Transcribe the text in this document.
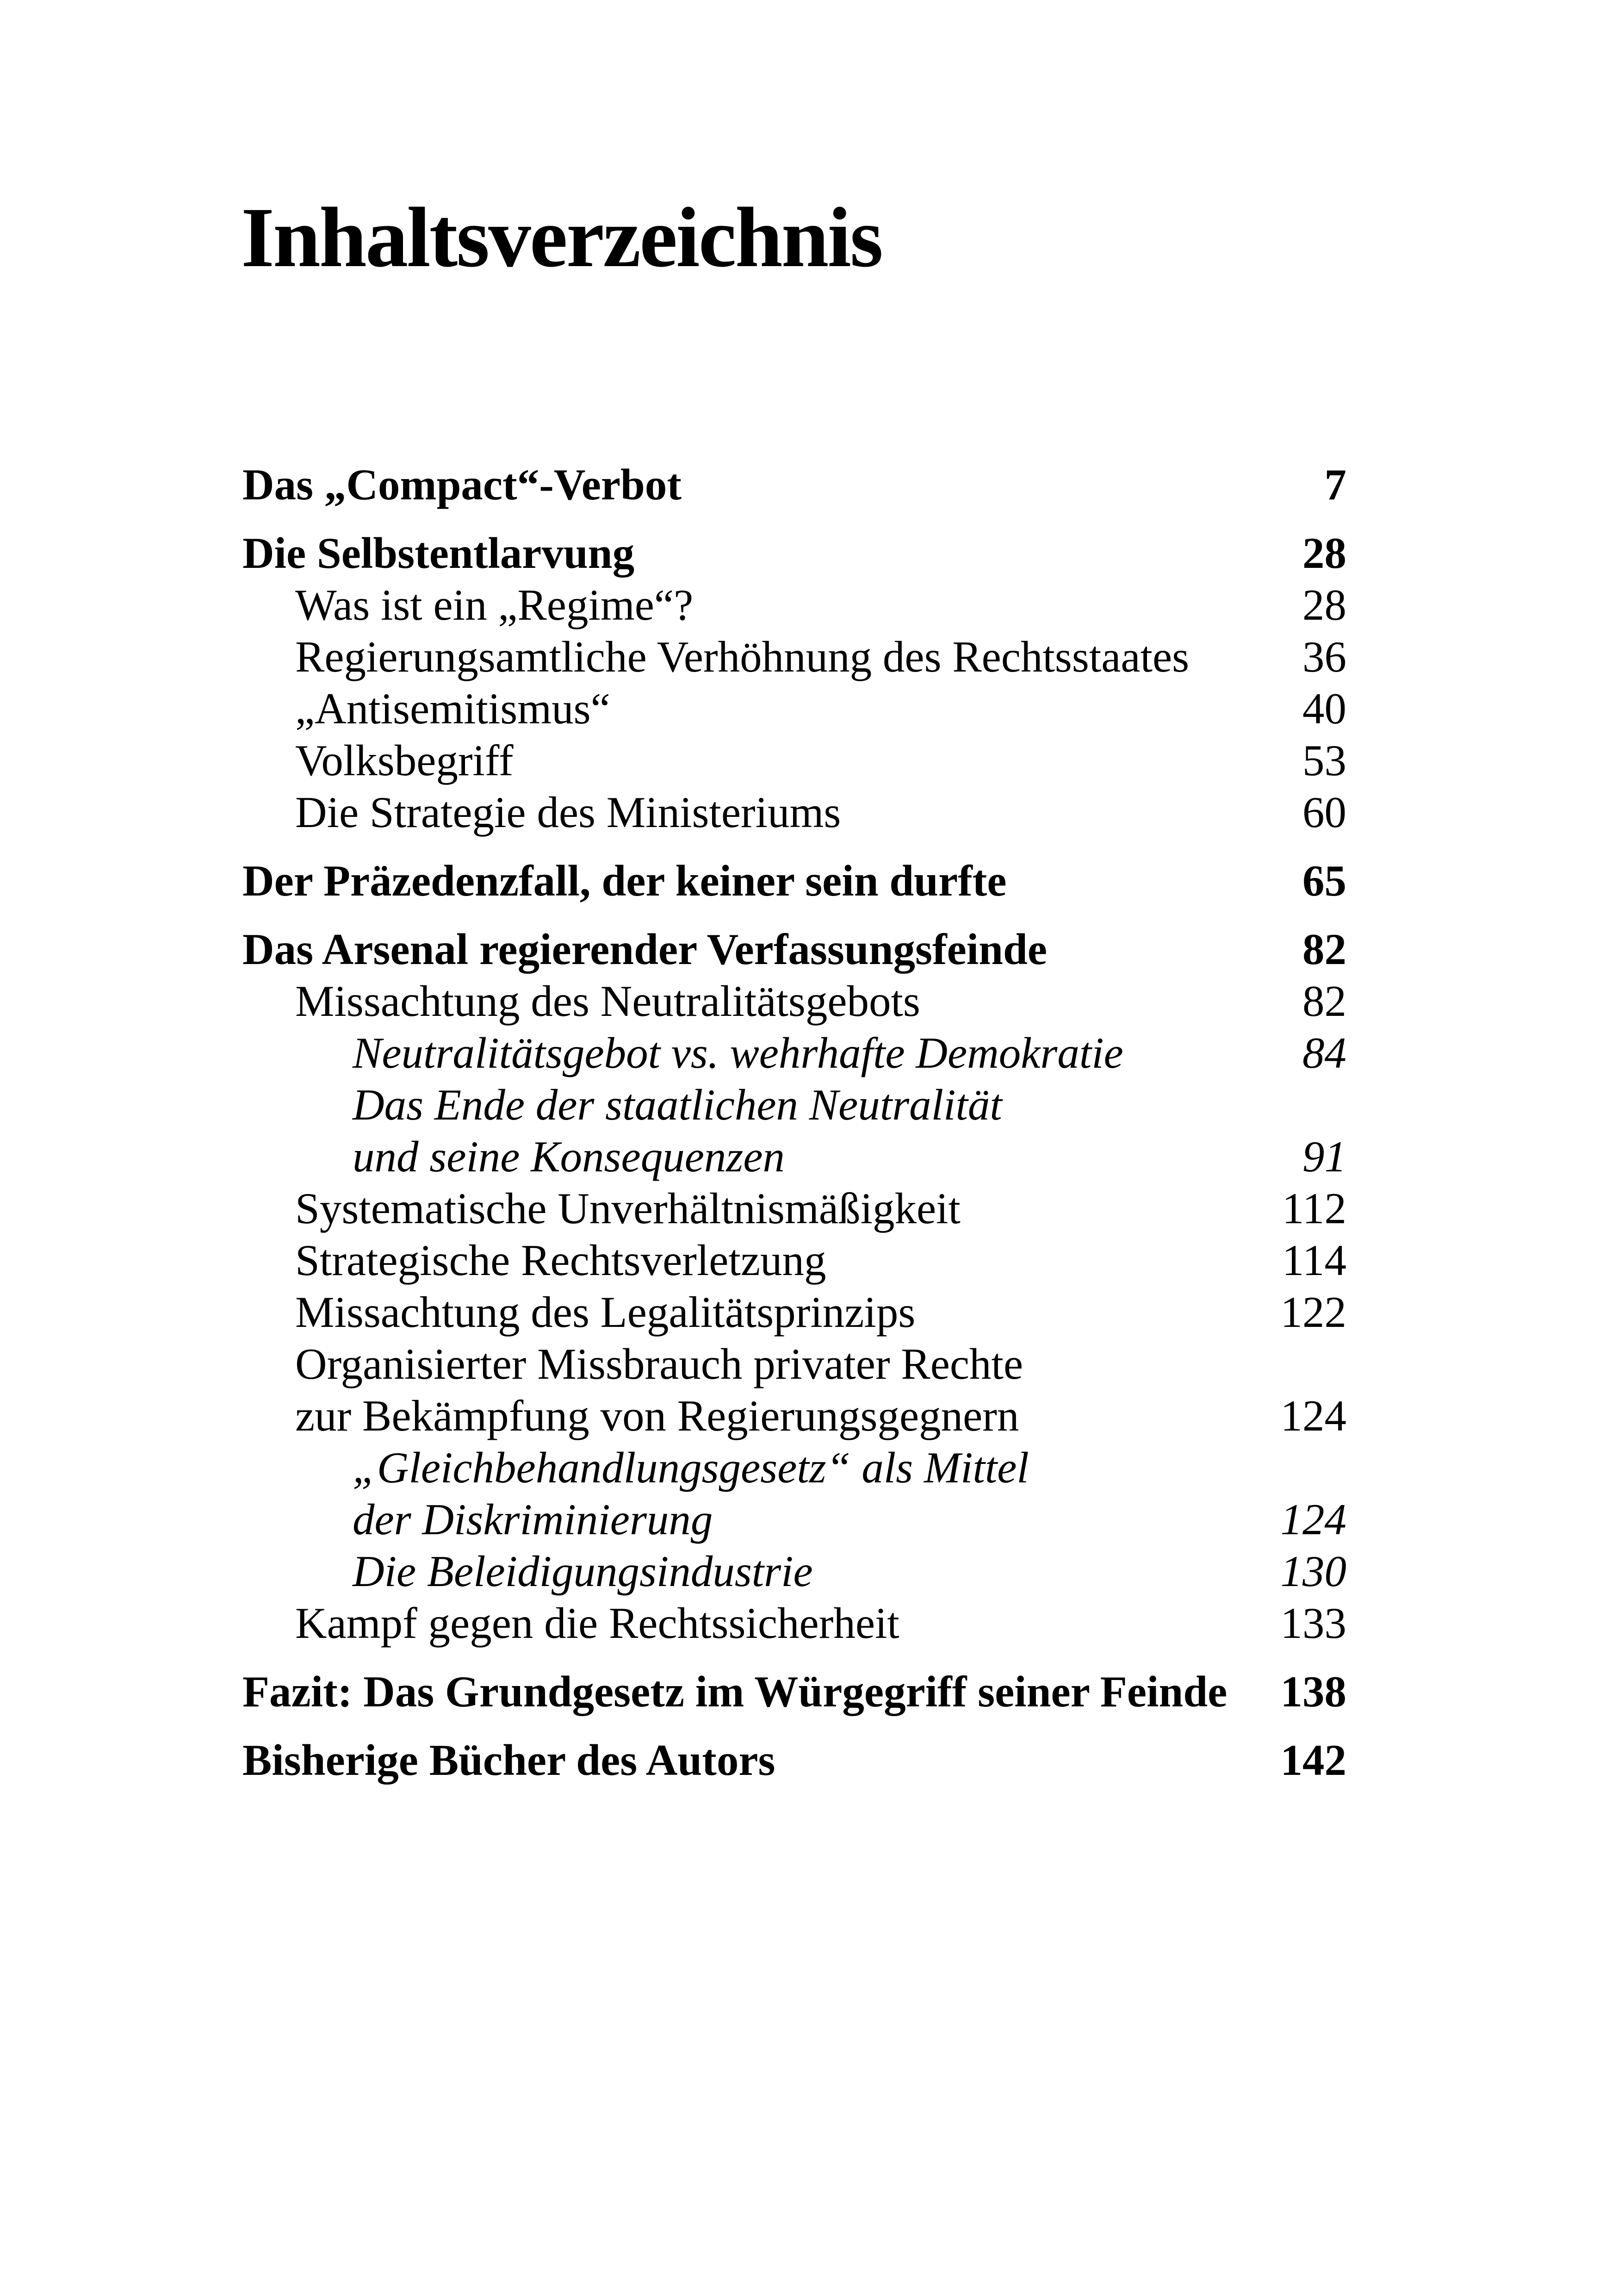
Inhaltsverzeichnis
Das „Compact“-Verbot	7
Die Selbstentlarvung	28
Was ist ein „Regime“?	28
Regierungsamtliche Verhöhnung des Rechtsstaates	36
„Antisemitismus“	40
Volksbegriff	53
Die Strategie des Ministeriums	60
Der Präzedenzfall, der keiner sein durfte	65
Das Arsenal regierender Verfassungsfeinde	82
Missachtung des Neutralitätsgebots	82
Neutralitätsgebot vs. wehrhafte Demokratie	84
Das Ende der staatlichen Neutralität
und seine Konsequenzen	91
Systematische Unverhältnismäßigkeit	112
Strategische Rechtsverletzung	114
Missachtung des Legalitätsprinzips	122
Organisierter Missbrauch privater Rechte
zur Bekämpfung von Regierungsgegnern	124
„Gleichbehandlungsgesetz“ als Mittel
der Diskriminierung	124
Die Beleidigungsindustrie	130
Kampf gegen die Rechtssicherheit	133
Fazit: Das Grundgesetz im Würgegriff seiner Feinde	138
Bisherige Bücher des Autors	142
